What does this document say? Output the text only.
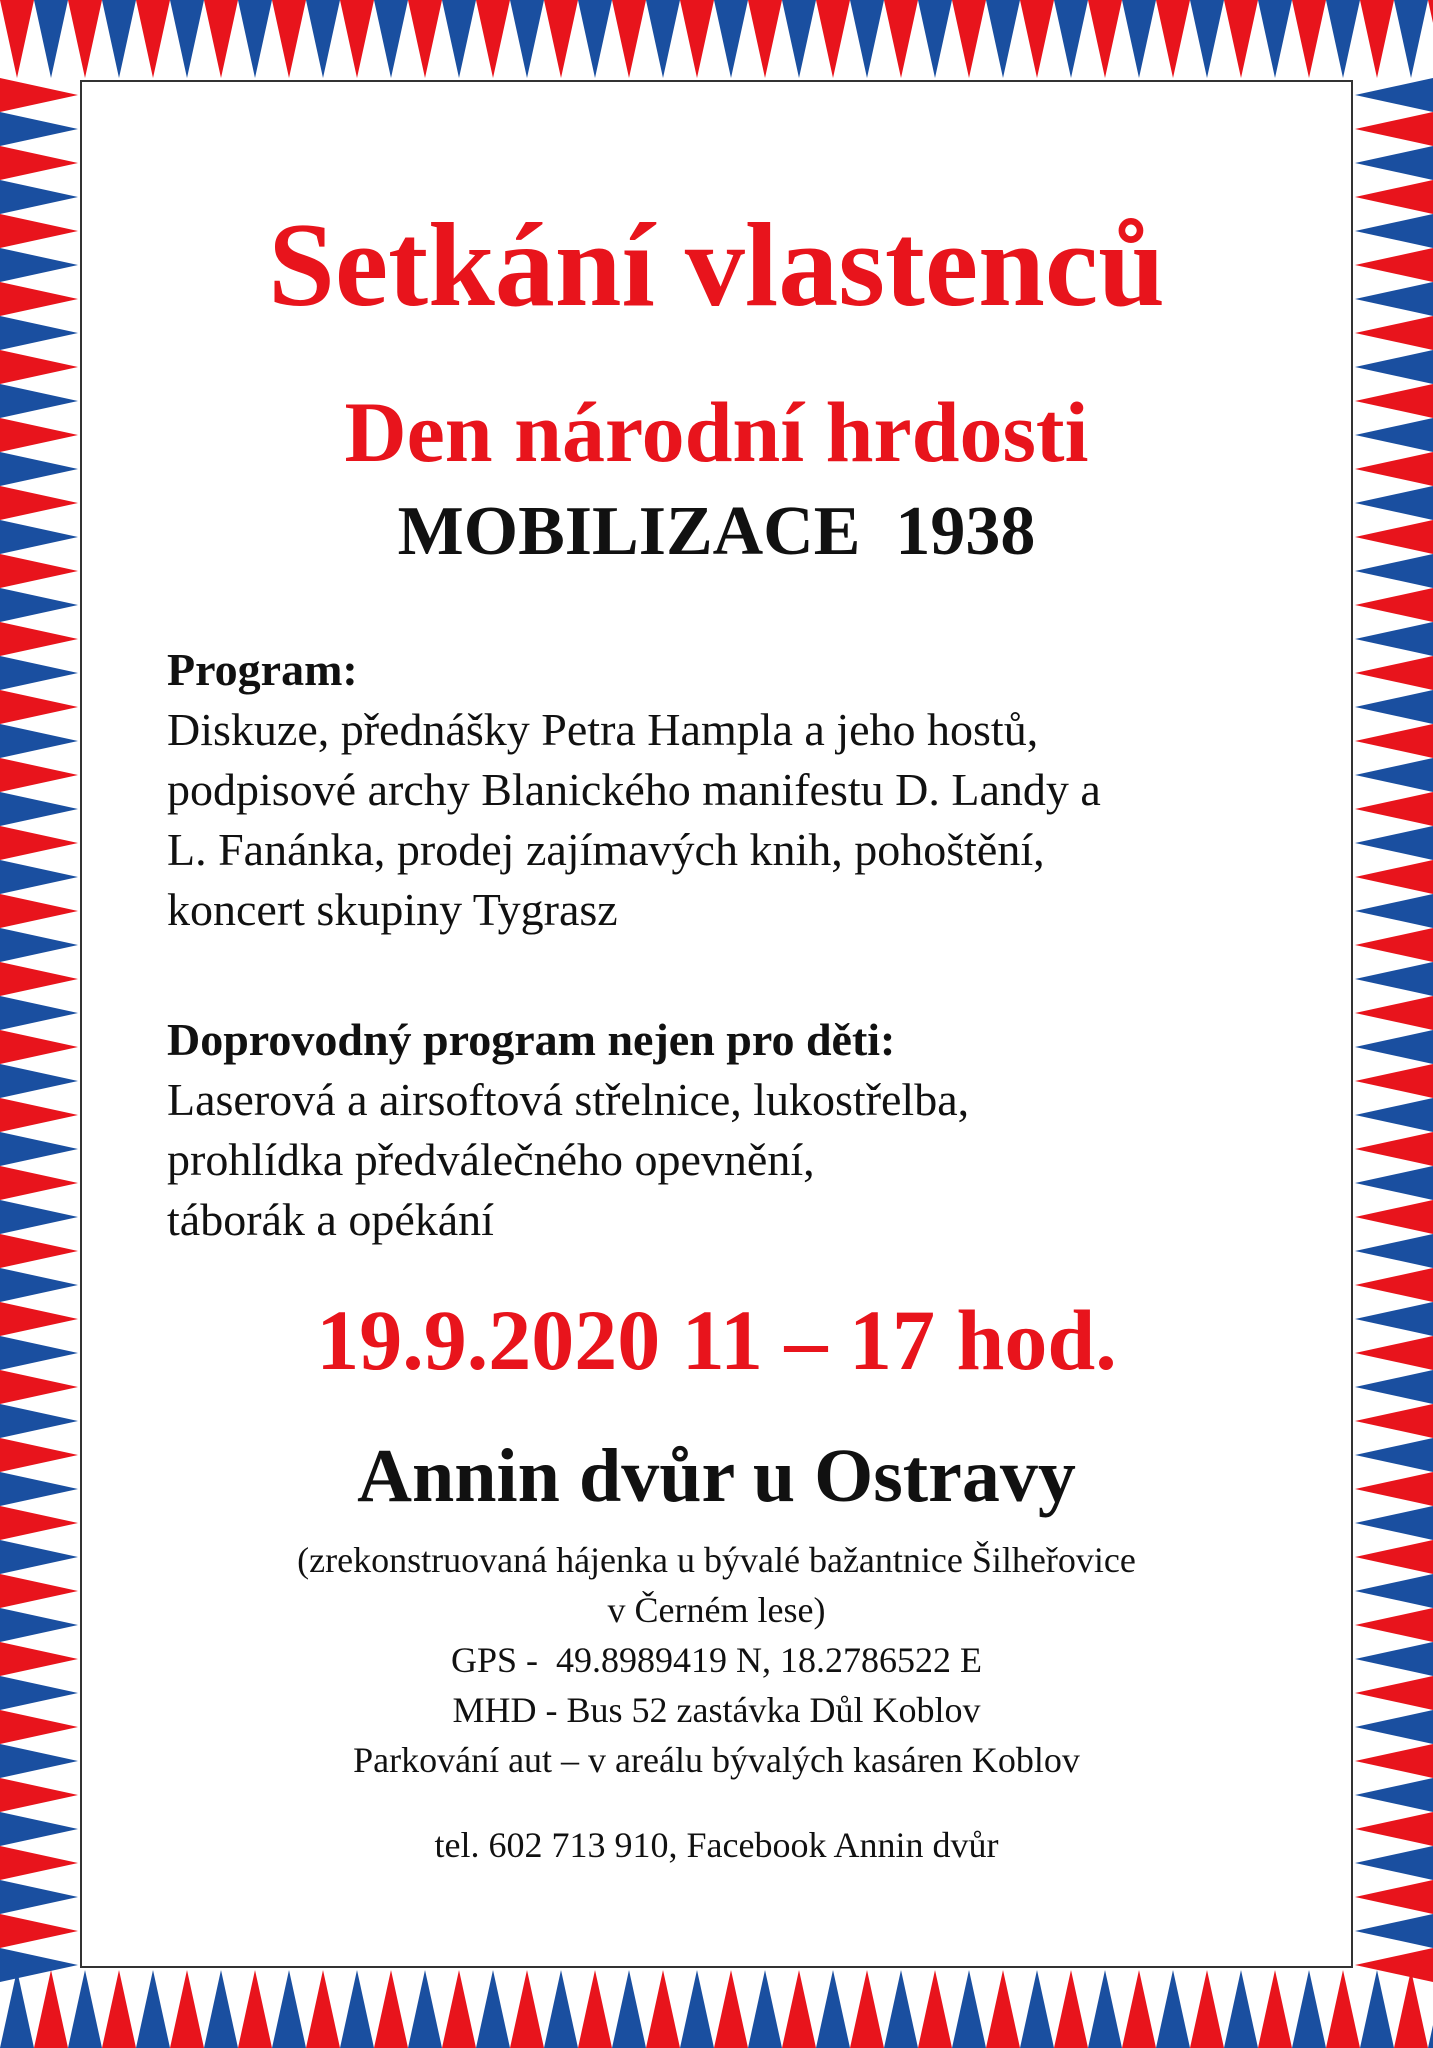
Setkání vlastenců
Den národní hrdosti
MOBILIZACE  1938
Program:
Diskuze, přednášky Petra Hampla a jeho hostů,
podpisové archy Blanického manifestu D. Landy a
L. Fanánka, prodej zajímavých knih, pohoštění,
koncert skupiny Tygrasz
Doprovodný program nejen pro děti:
Laserová a airsoftová střelnice, lukostřelba,
prohlídka předválečného opevnění,
táborák a opékání
19.9.2020 11 – 17 hod.
Annin dvůr u Ostravy
(zrekonstruovaná hájenka u bývalé bažantnice Šilheřovice
v Černém lese)
GPS -  49.8989419 N, 18.2786522 E
MHD - Bus 52 zastávka Důl Koblov
Parkování aut – v areálu bývalých kasáren Koblov
tel. 602 713 910, Facebook Annin dvůr
